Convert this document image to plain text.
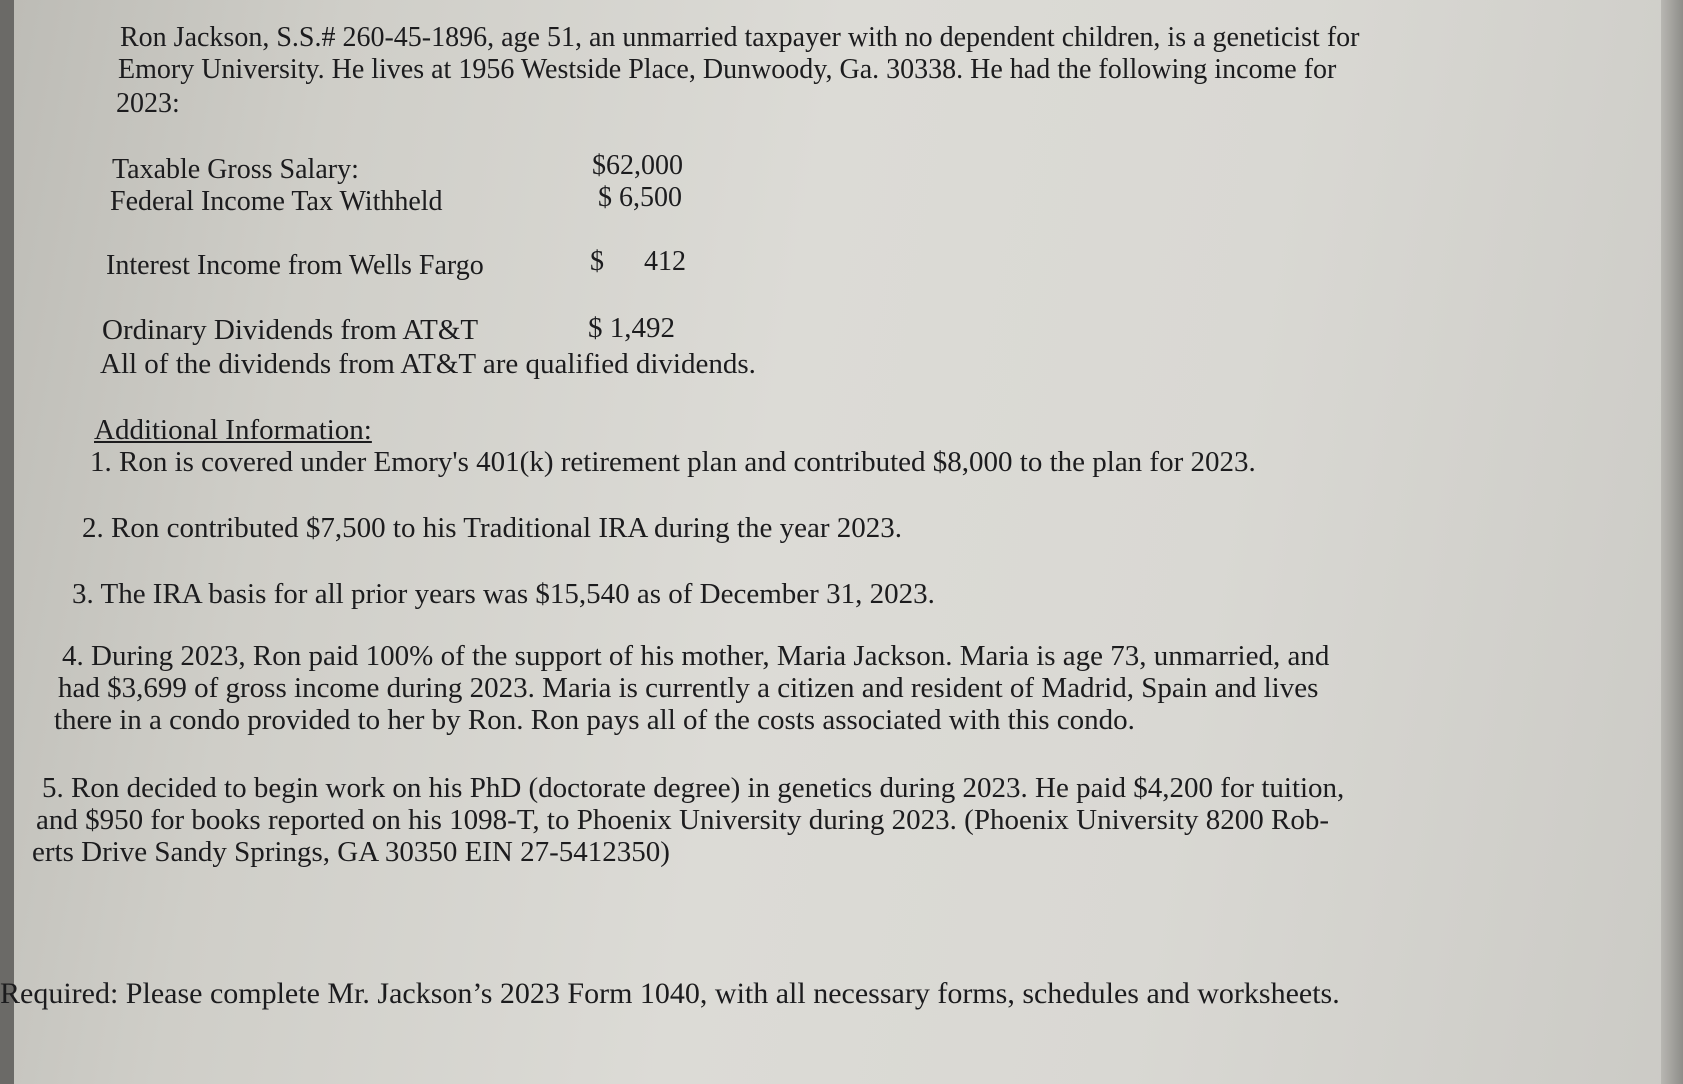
Ron Jackson, S.S.# 260-45-1896, age 51, an unmarried taxpayer with no dependent children, is a geneticist for
Emory University. He lives at 1956 Westside Place, Dunwoody, Ga. 30338. He had the following income for
2023:
Taxable Gross Salary:	$62,000
Federal Income Tax Withheld	$ 6,500
Interest Income from Wells Fargo	$ 412
Ordinary Dividends from AT&T	$ 1,492
All of the dividends from AT&T are qualified dividends.
Additional Information:
1. Ron is covered under Emory's 401(k) retirement plan and contributed $8,000 to the plan for 2023.
2. Ron contributed $7,500 to his Traditional IRA during the year 2023.
3. The IRA basis for all prior years was $15,540 as of December 31, 2023.
4. During 2023, Ron paid 100% of the support of his mother, Maria Jackson. Maria is age 73, unmarried, and
had $3,699 of gross income during 2023. Maria is currently a citizen and resident of Madrid, Spain and lives
there in a condo provided to her by Ron. Ron pays all of the costs associated with this condo.
5. Ron decided to begin work on his PhD (doctorate degree) in genetics during 2023. He paid $4,200 for tuition,
and $950 for books reported on his 1098-T, to Phoenix University during 2023. (Phoenix University 8200 Rob-
erts Drive Sandy Springs, GA 30350 EIN 27-5412350)
Required: Please complete Mr. Jackson’s 2023 Form 1040, with all necessary forms, schedules and worksheets.
